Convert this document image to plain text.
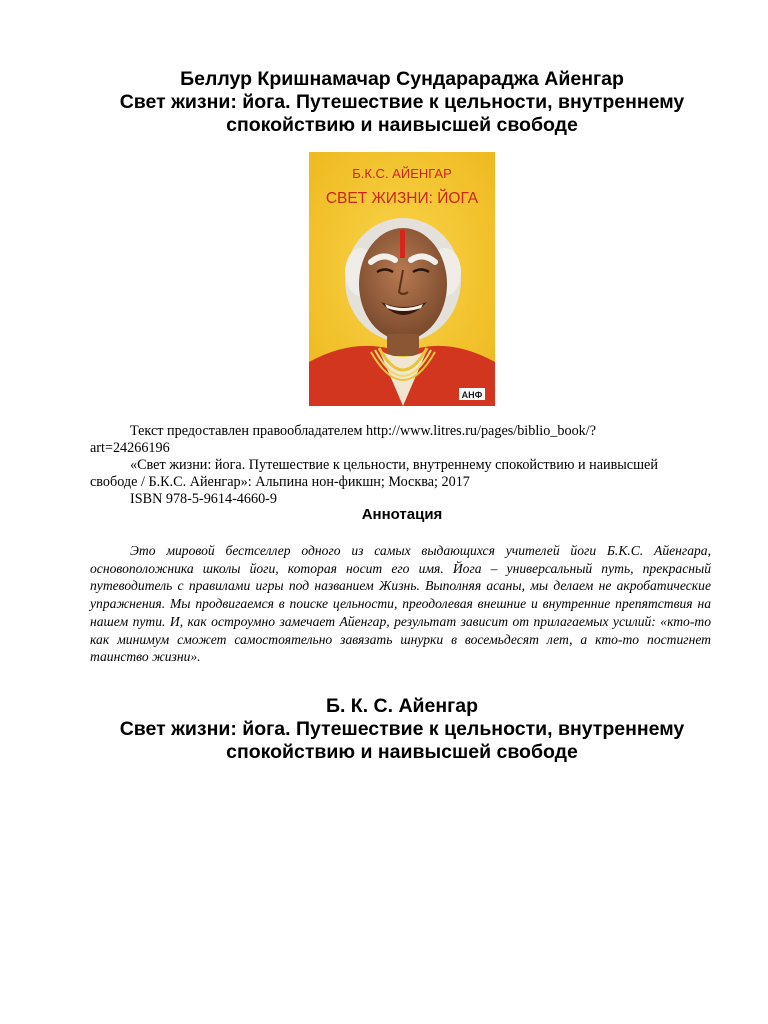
Беллур Кришнамачар Сундарараджа Айенгар
Свет жизни: йога. Путешествие к цельности, внутреннему
спокойствию и наивысшей свободе
Б.К.С. АЙЕНГАР
СВЕТ ЖИЗНИ: ЙОГА
АНФ
Текст предоставлен правообладателем http://www.litres.ru/pages/biblio_book/?
art=24266196
«Свет жизни: йога. Путешествие к цельности, внутреннему спокойствию и наивысшей
свободе / Б.К.С. Айенгар»: Альпина нон-фикшн; Москва; 2017
ISBN 978-5-9614-4660-9
Аннотация
Это мировой бестселлер одного из самых выдающихся учителей йоги Б.К.С. Айенгара, основоположника школы йоги, которая носит его имя. Йога – универсальный путь, прекрасный путеводитель с правилами игры под названием Жизнь. Выполняя асаны, мы делаем не акробатические упражнения. Мы продвигаемся в поиске цельности, преодолевая внешние и внутренние препятствия на нашем пути. И, как остроумно замечает Айенгар, результат зависит от прилагаемых усилий: «кто-то как минимум сможет самостоятельно завязать шнурки в восемьдесят лет, а кто-то постигнет таинство жизни».
Б. К. С. Айенгар
Свет жизни: йога. Путешествие к цельности, внутреннему
спокойствию и наивысшей свободе
